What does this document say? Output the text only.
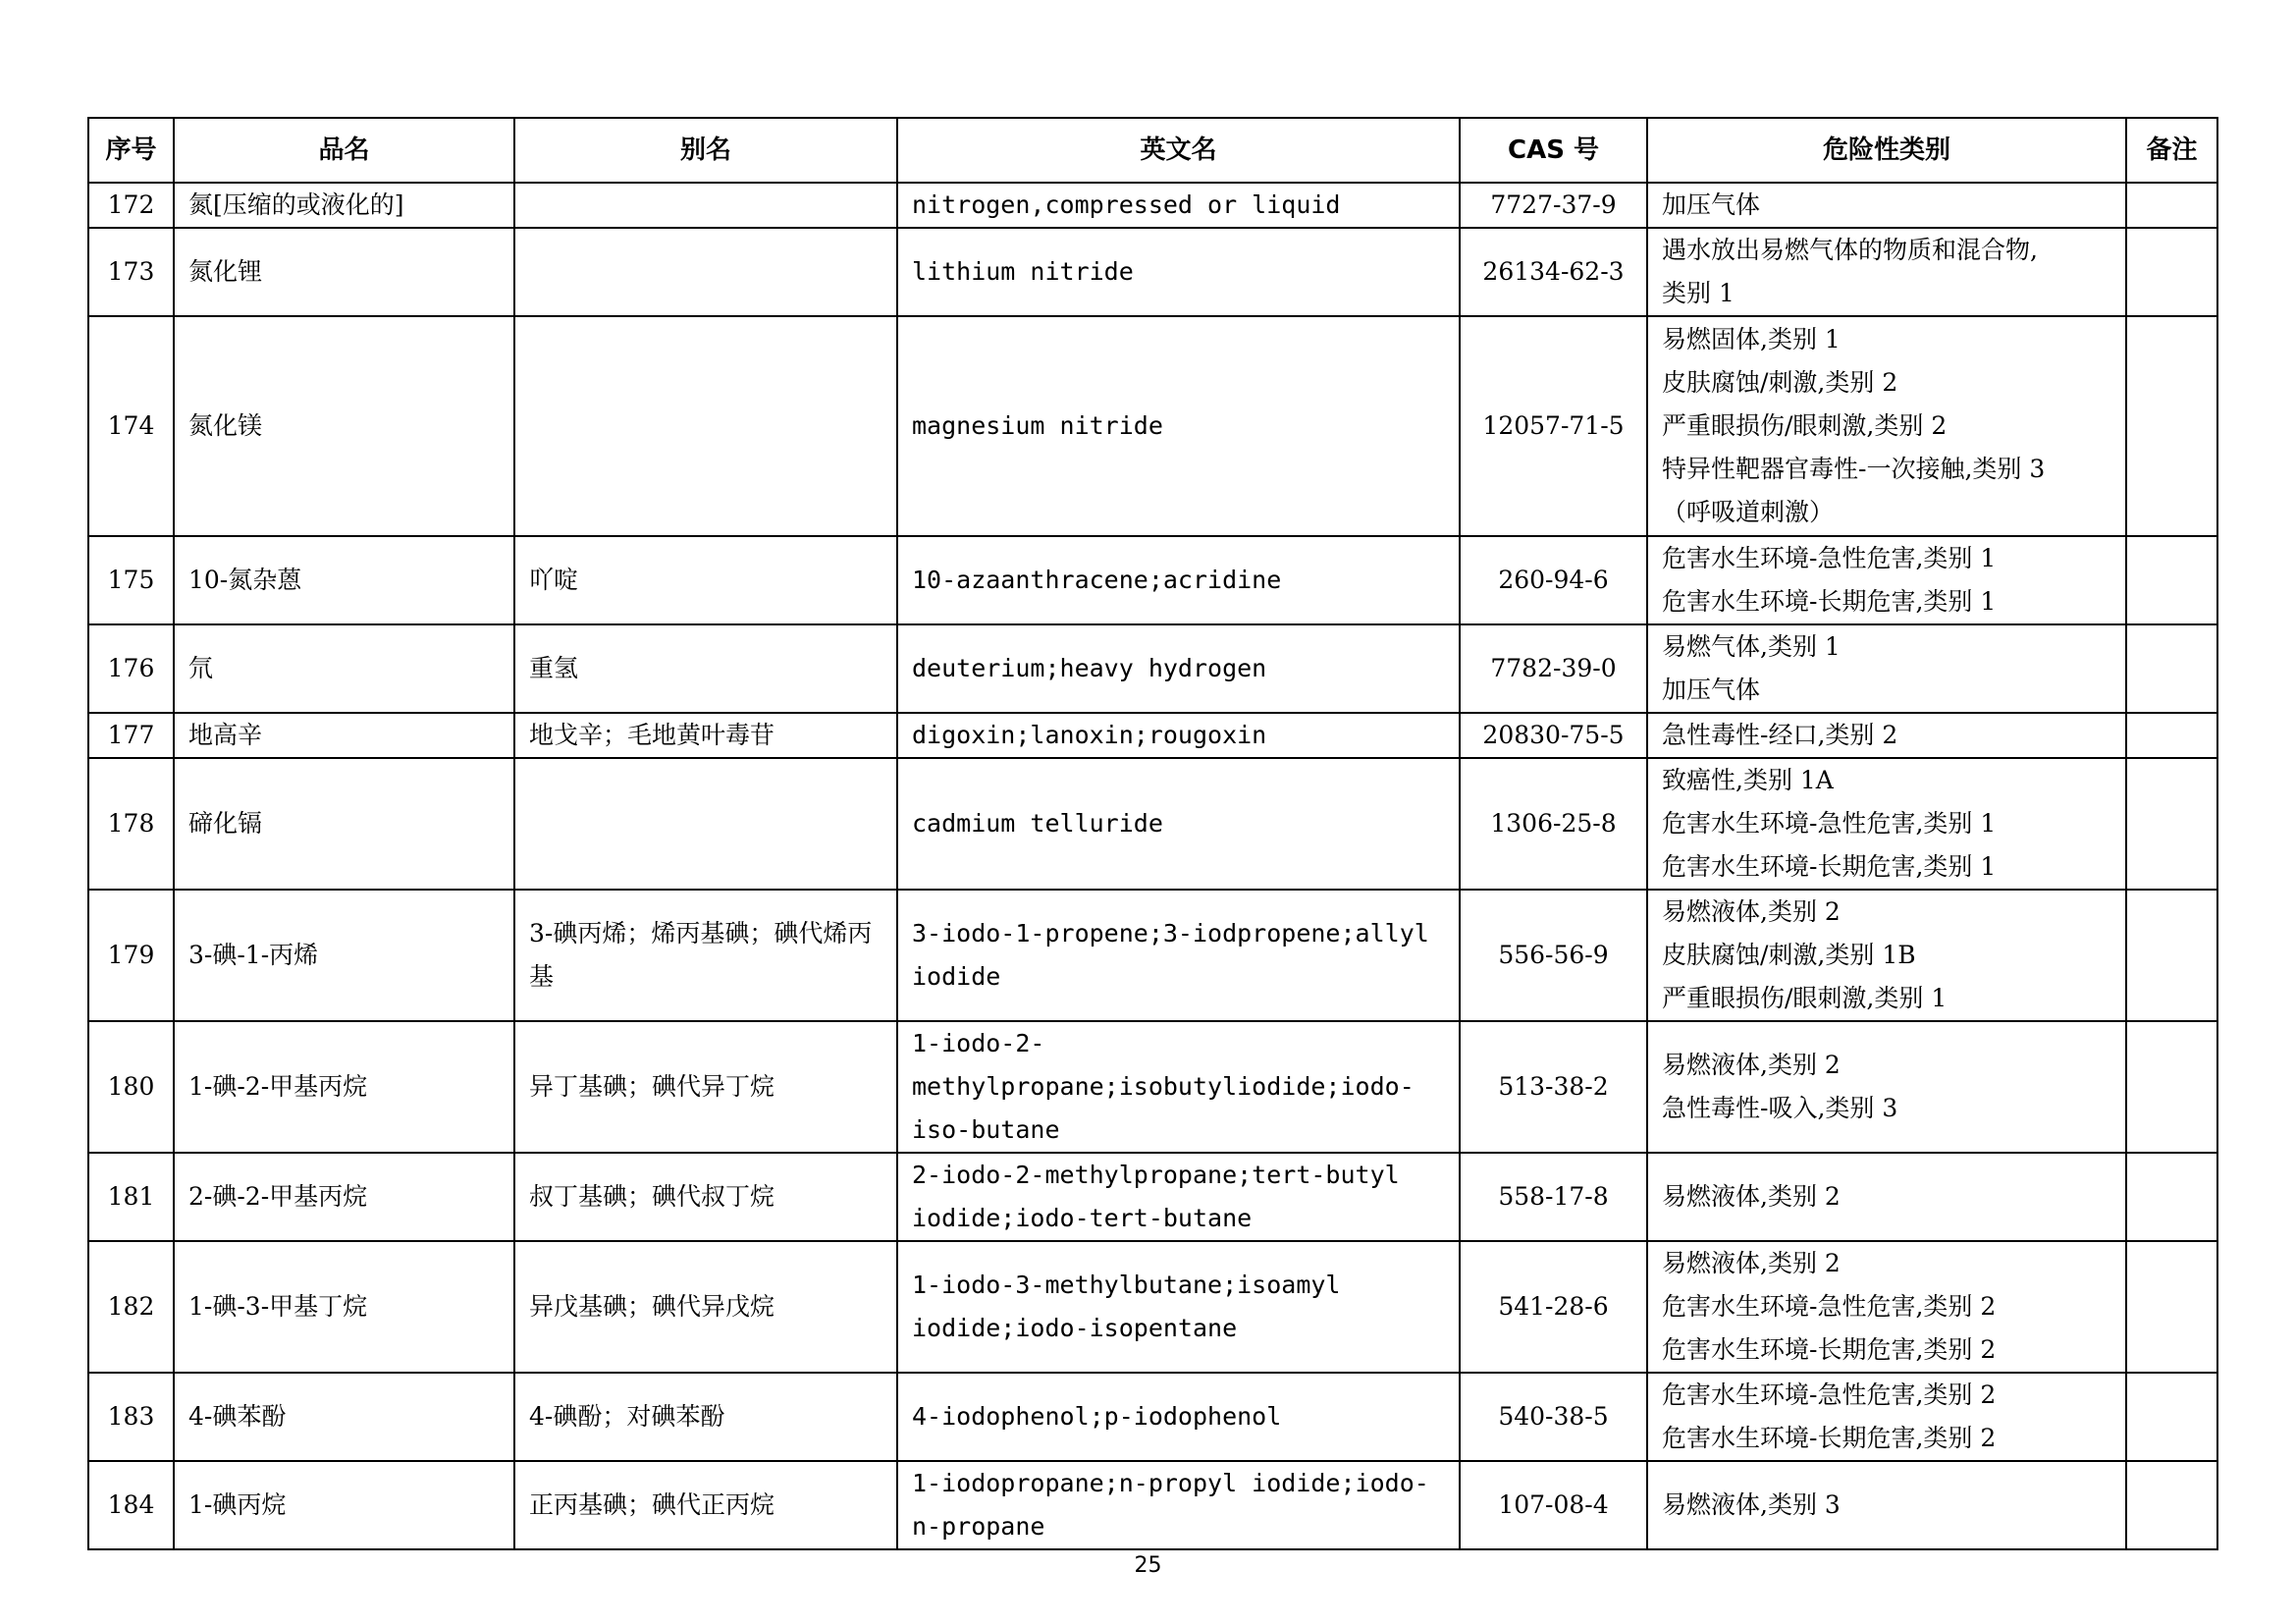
序号	品名	别名	英文名	CAS 号	危险性类别	备注
172	氮[压缩的或液化的]		nitrogen,compressed or liquid	7727-37-9	加压气体	

173	氮化锂		lithium nitride	26134-62-3	遇水放出易燃气体的物质和混合物,
类别 1	

174	氮化镁		magnesium nitride	12057-71-5	易燃固体,类别 1
皮肤腐蚀/刺激,类别 2
严重眼损伤/眼刺激,类别 2
特异性靶器官毒性-一次接触,类别 3
（呼吸道刺激）	

175	10-氮杂蒽	吖啶	10-azaanthracene;acridine	260-94-6	危害水生环境-急性危害,类别 1
危害水生环境-长期危害,类别 1	

176	氘	重氢	deuterium;heavy hydrogen	7782-39-0	易燃气体,类别 1
加压气体	

177	地高辛	地戈辛；毛地黄叶毒苷	digoxin;lanoxin;rougoxin	20830-75-5	急性毒性-经口,类别 2	

178	碲化镉		cadmium telluride	1306-25-8	致癌性,类别 1A
危害水生环境-急性危害,类别 1
危害水生环境-长期危害,类别 1	

179	3-碘-1-丙烯	3-碘丙烯；烯丙基碘；碘代烯丙基	3-iodo-1-propene;3-iodpropene;allyl iodide	556-56-9	易燃液体,类别 2
皮肤腐蚀/刺激,类别 1B
严重眼损伤/眼刺激,类别 1	

180	1-碘-2-甲基丙烷	异丁基碘；碘代异丁烷	1-iodo-2-methylpropane;isobutyliodide;iodo-iso-butane	513-38-2	易燃液体,类别 2
急性毒性-吸入,类别 3	

181	2-碘-2-甲基丙烷	叔丁基碘；碘代叔丁烷	2-iodo-2-methylpropane;tert-butyl iodide;iodo-tert-butane	558-17-8	易燃液体,类别 2	

182	1-碘-3-甲基丁烷	异戊基碘；碘代异戊烷	1-iodo-3-methylbutane;isoamyl iodide;iodo-isopentane	541-28-6	易燃液体,类别 2
危害水生环境-急性危害,类别 2
危害水生环境-长期危害,类别 2	

183	4-碘苯酚	4-碘酚；对碘苯酚	4-iodophenol;p-iodophenol	540-38-5	危害水生环境-急性危害,类别 2
危害水生环境-长期危害,类别 2	

184	1-碘丙烷	正丙基碘；碘代正丙烷	1-iodopropane;n-propyl iodide;iodo-n-propane	107-08-4	易燃液体,类别 3	

25
